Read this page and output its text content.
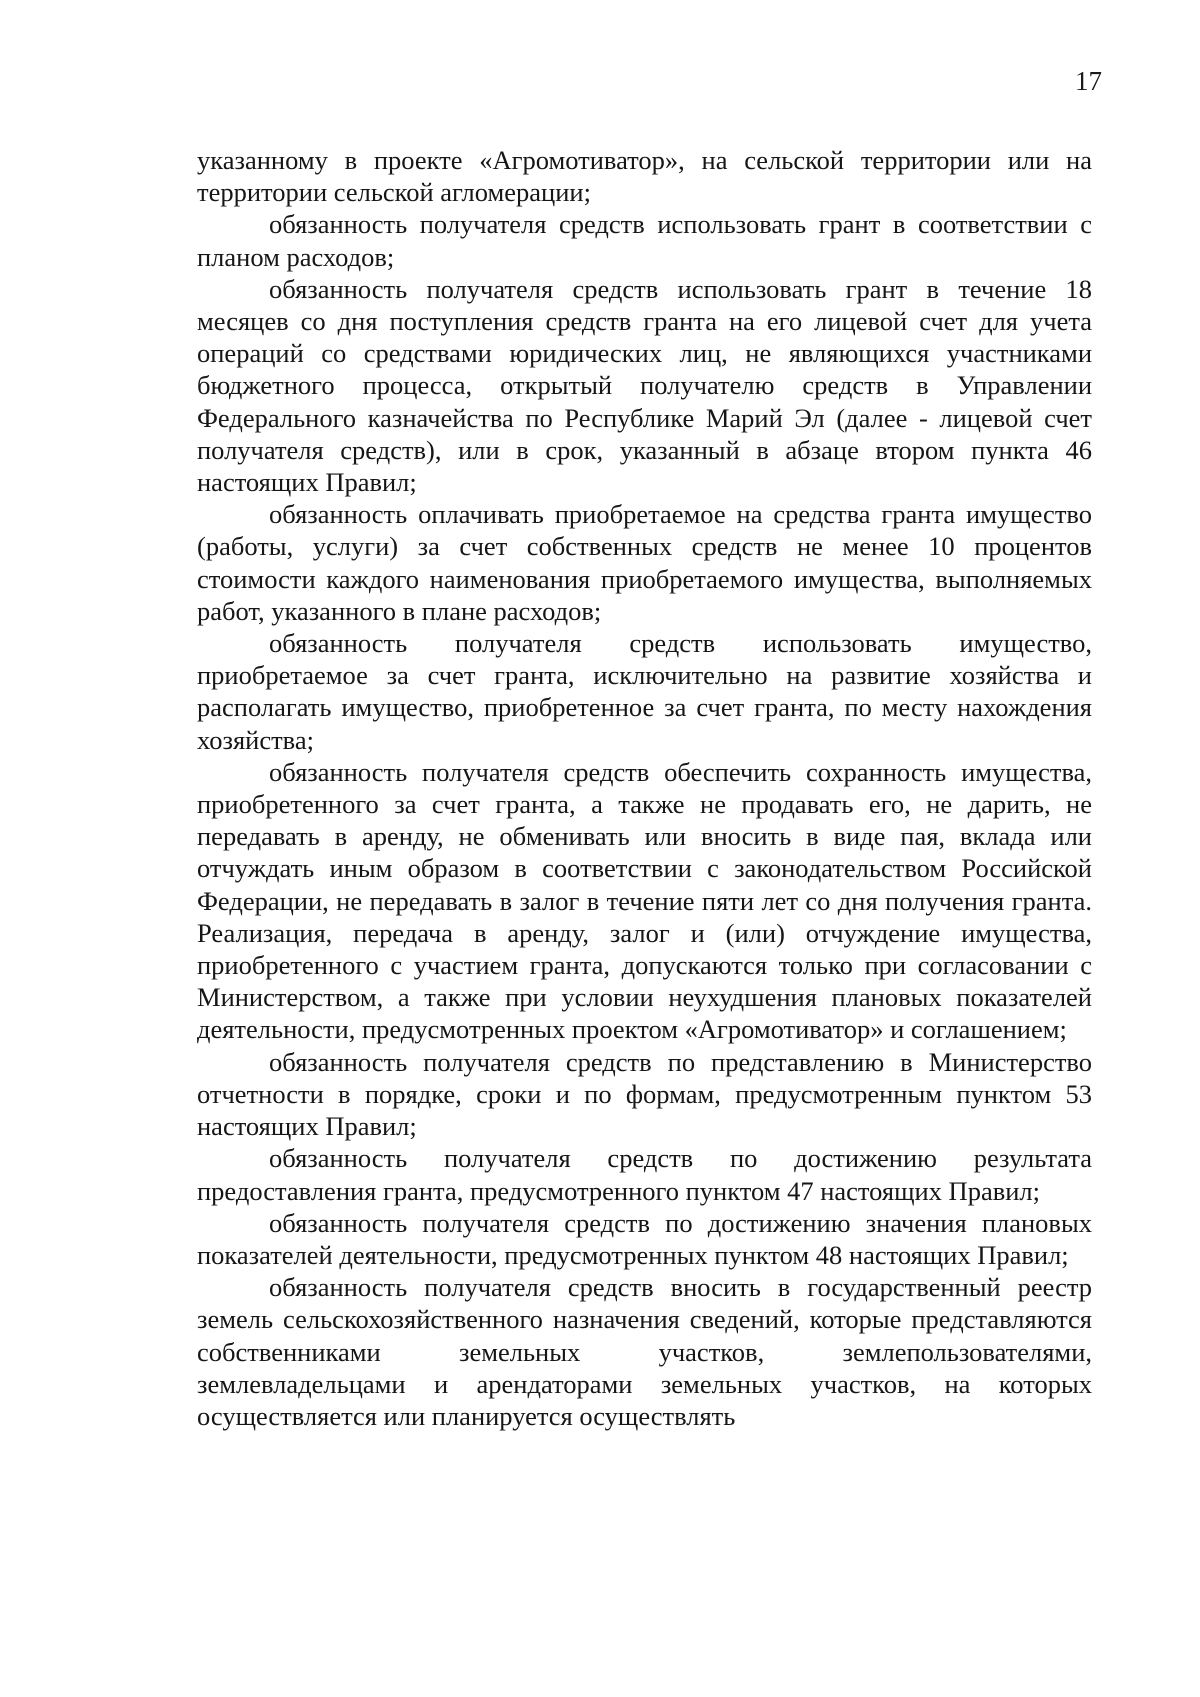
17

указанному в проекте «Агромотиватор», на сельской территории или на территории сельской агломерации;

обязанность получателя средств использовать грант в соответствии с планом расходов;

обязанность получателя средств использовать грант в течение 18 месяцев со дня поступления средств гранта на его лицевой счет для учета операций со средствами юридических лиц, не являющихся участниками бюджетного процесса, открытый получателю средств в Управлении Федерального казначейства по Республике Марий Эл (далее - лицевой счет получателя средств), или в срок, указанный в абзаце втором пункта 46 настоящих Правил;

обязанность оплачивать приобретаемое на средства гранта имущество (работы, услуги) за счет собственных средств не менее 10 процентов стоимости каждого наименования приобретаемого имущества, выполняемых работ, указанного в плане расходов;

обязанность получателя средств использовать имущество, приобретаемое за счет гранта, исключительно на развитие хозяйства и располагать имущество, приобретенное за счет гранта, по месту нахождения хозяйства;

обязанность получателя средств обеспечить сохранность имущества, приобретенного за счет гранта, а также не продавать его, не дарить, не передавать в аренду, не обменивать или вносить в виде пая, вклада или отчуждать иным образом в соответствии с законодательством Российской Федерации, не передавать в залог в течение пяти лет со дня получения гранта. Реализация, передача в аренду, залог и (или) отчуждение имущества, приобретенного с участием гранта, допускаются только при согласовании с Министерством, а также при условии неухудшения плановых показателей деятельности, предусмотренных проектом «Агромотиватор» и соглашением;

обязанность получателя средств по представлению в Министерство отчетности в порядке, сроки и по формам, предусмотренным пунктом 53 настоящих Правил;

обязанность получателя средств по достижению результата предоставления гранта, предусмотренного пунктом 47 настоящих Правил;

обязанность получателя средств по достижению значения плановых показателей деятельности, предусмотренных пунктом 48 настоящих Правил;

обязанность получателя средств вносить в государственный реестр земель сельскохозяйственного назначения сведений, которые представляются собственниками земельных участков, землепользователями, землевладельцами и арендаторами земельных участков, на которых осуществляется или планируется осуществлять
